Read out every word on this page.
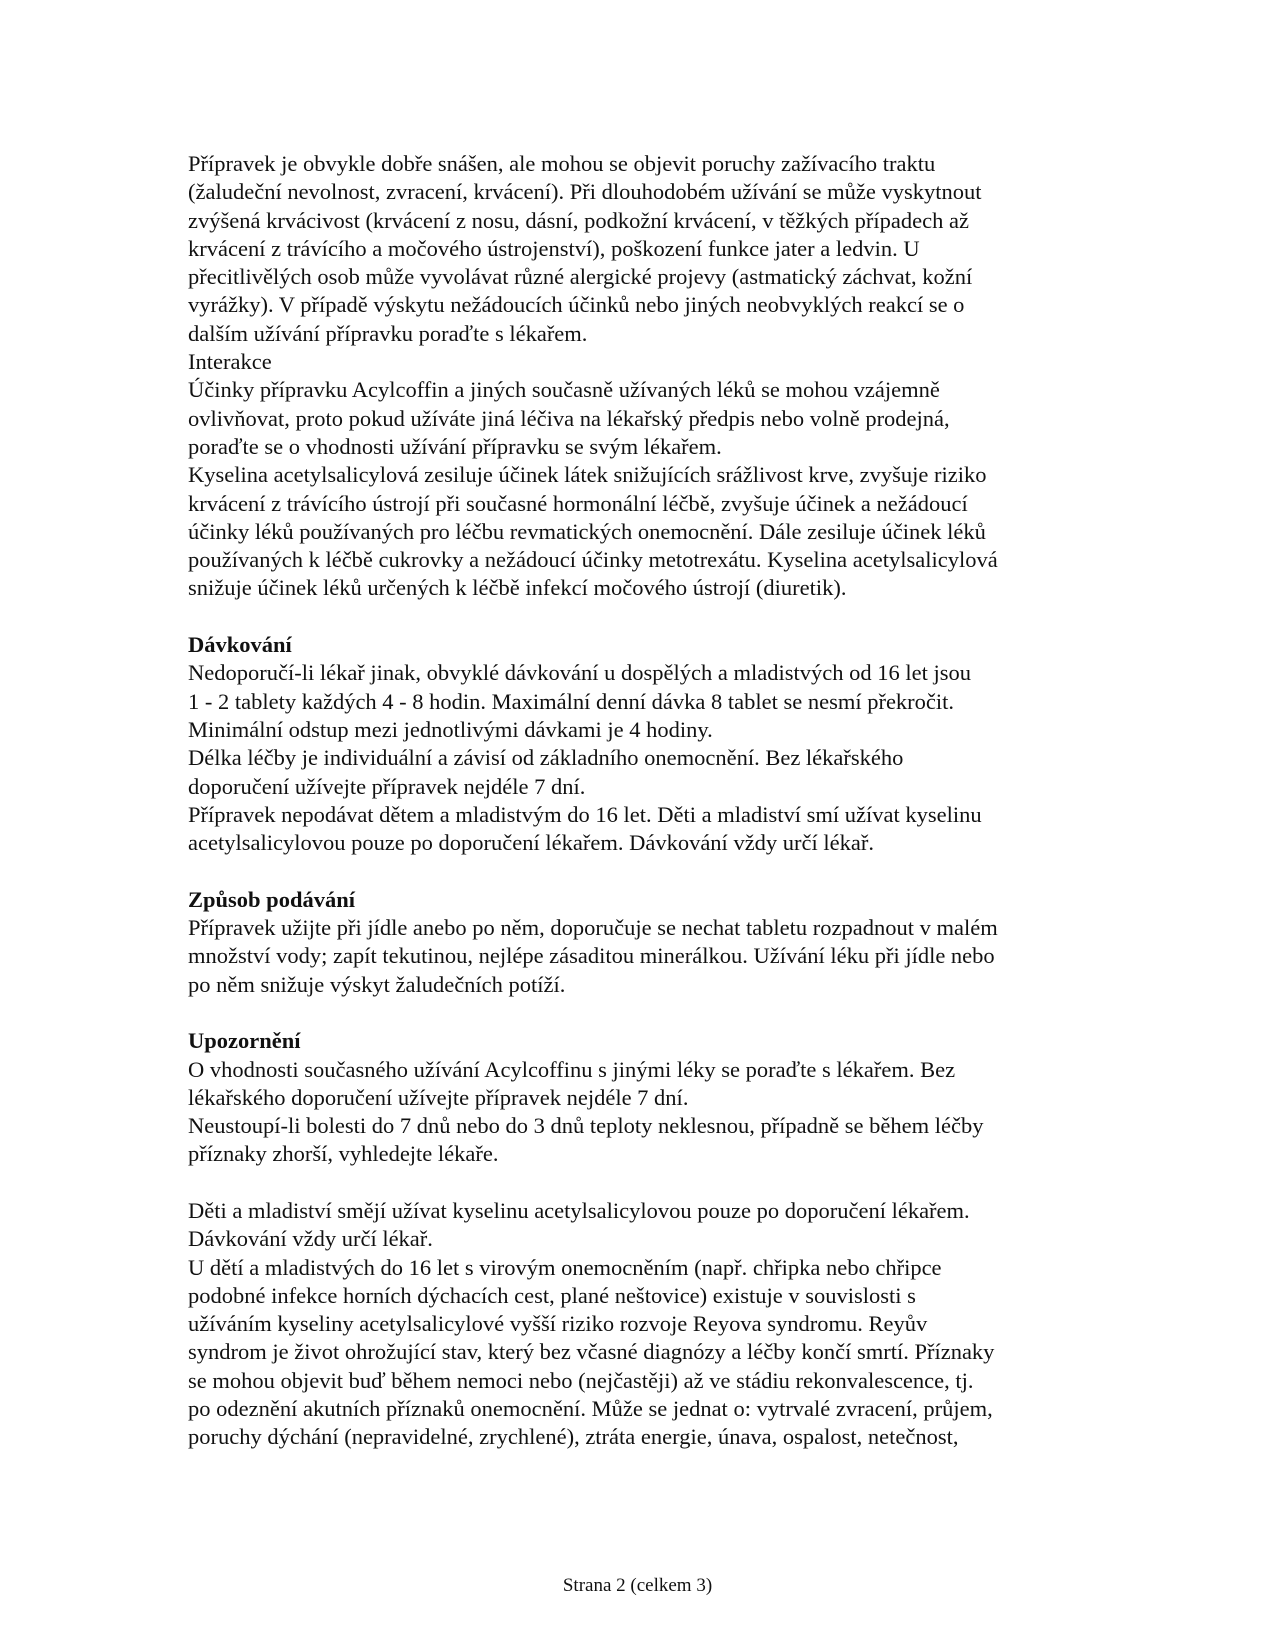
Přípravek je obvykle dobře snášen, ale mohou se objevit poruchy zažívacího traktu
(žaludeční nevolnost, zvracení, krvácení). Při dlouhodobém užívání se může vyskytnout
zvýšená krvácivost (krvácení z nosu, dásní, podkožní krvácení, v těžkých případech až
krvácení z trávícího a močového ústrojenství), poškození funkce jater a ledvin. U
přecitlivělých osob může vyvolávat různé alergické projevy (astmatický záchvat, kožní
vyrážky). V případě výskytu nežádoucích účinků nebo jiných neobvyklých reakcí se o
dalším užívání přípravku poraďte s lékařem.
Interakce
Účinky přípravku Acylcoffin a jiných současně užívaných léků se mohou vzájemně
ovlivňovat, proto pokud užíváte jiná léčiva na lékařský předpis nebo volně prodejná,
poraďte se o vhodnosti užívání přípravku se svým lékařem.
Kyselina acetylsalicylová zesiluje účinek látek snižujících srážlivost krve, zvyšuje riziko
krvácení z trávícího ústrojí při současné hormonální léčbě, zvyšuje účinek a nežádoucí
účinky léků používaných pro léčbu revmatických onemocnění. Dále zesiluje účinek léků
používaných k léčbě cukrovky a nežádoucí účinky metotrexátu. Kyselina acetylsalicylová
snižuje účinek léků určených k léčbě infekcí močového ústrojí (diuretik).
Dávkování
Nedoporučí-li lékař jinak, obvyklé dávkování u dospělých a mladistvých od 16 let jsou
1 - 2 tablety každých 4 - 8 hodin. Maximální denní dávka 8 tablet se nesmí překročit.
Minimální odstup mezi jednotlivými dávkami je 4 hodiny.
Délka léčby je individuální a závisí od základního onemocnění. Bez lékařského
doporučení užívejte přípravek nejdéle 7 dní.
Přípravek nepodávat dětem a mladistvým do 16 let. Děti a mladiství smí užívat kyselinu
acetylsalicylovou pouze po doporučení lékařem. Dávkování vždy určí lékař.
Způsob podávání
Přípravek užijte při jídle anebo po něm, doporučuje se nechat tabletu rozpadnout v malém
množství vody; zapít tekutinou, nejlépe zásaditou minerálkou. Užívání léku při jídle nebo
po něm snižuje výskyt žaludečních potíží.
Upozornění
O vhodnosti současného užívání Acylcoffinu s jinými léky se poraďte s lékařem. Bez
lékařského doporučení užívejte přípravek nejdéle 7 dní.
Neustoupí-li bolesti do 7 dnů nebo do 3 dnů teploty neklesnou, případně se během léčby
příznaky zhorší, vyhledejte lékaře.
Děti a mladiství smějí užívat kyselinu acetylsalicylovou pouze po doporučení lékařem.
Dávkování vždy určí lékař.
U dětí a mladistvých do 16 let s virovým onemocněním (např. chřipka nebo chřipce
podobné infekce horních dýchacích cest, plané neštovice) existuje v souvislosti s
užíváním kyseliny acetylsalicylové vyšší riziko rozvoje Reyova syndromu. Reyův
syndrom je život ohrožující stav, který bez včasné diagnózy a léčby končí smrtí. Příznaky
se mohou objevit buď během nemoci nebo (nejčastěji) až ve stádiu rekonvalescence, tj.
po odeznění akutních příznaků onemocnění. Může se jednat o: vytrvalé zvracení, průjem,
poruchy dýchání (nepravidelné, zrychlené), ztráta energie, únava, ospalost, netečnost,
Strana 2 (celkem 3)
